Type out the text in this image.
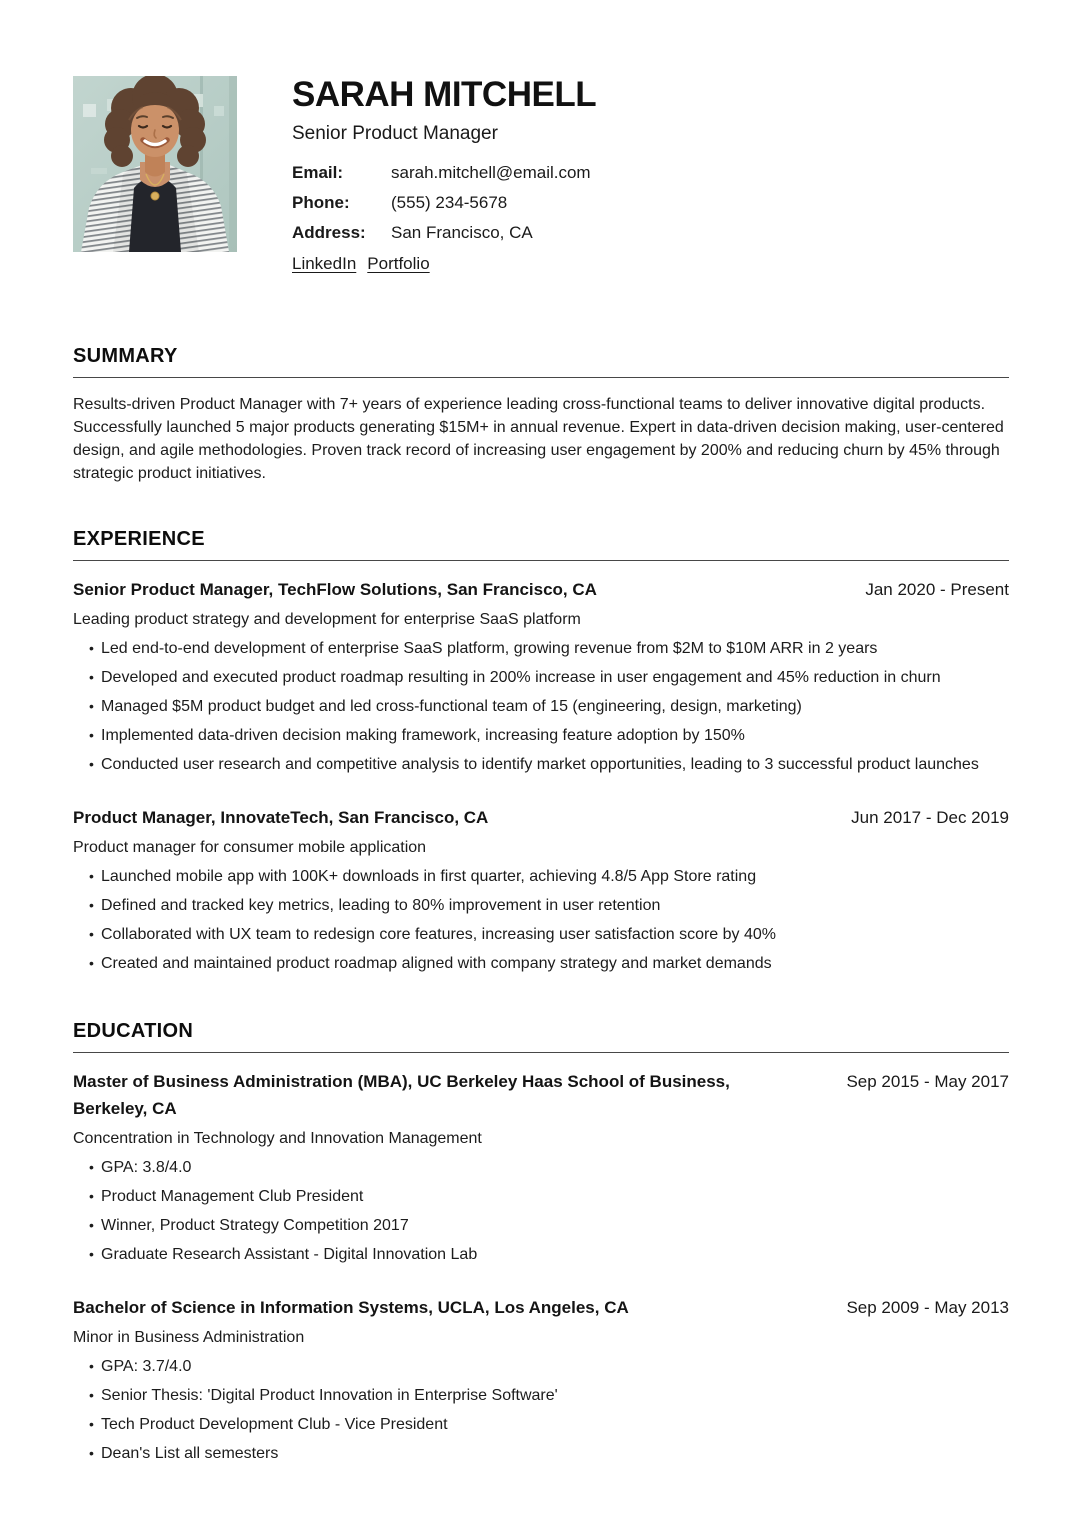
SARAH MITCHELL
Senior Product Manager
Email:	sarah.mitchell@email.com
Phone:	(555) 234-5678
Address:	San Francisco, CA
LinkedIn Portfolio
SUMMARY

Results-driven Product Manager with 7+ years of experience leading cross-functional teams to deliver innovative digital products. Successfully launched 5 major products generating $15M+ in annual revenue. Expert in data-driven decision making, user-centered design, and agile methodologies. Proven track record of increasing user engagement by 200% and reducing churn by 45% through strategic product initiatives.

EXPERIENCE
Senior Product Manager, TechFlow Solutions, San Francisco, CA	Jan 2020 - Present
Leading product strategy and development for enterprise SaaS platform
• Led end-to-end development of enterprise SaaS platform, growing revenue from $2M to $10M ARR in 2 years
• Developed and executed product roadmap resulting in 200% increase in user engagement and 45% reduction in churn
• Managed $5M product budget and led cross-functional team of 15 (engineering, design, marketing)
• Implemented data-driven decision making framework, increasing feature adoption by 150%
• Conducted user research and competitive analysis to identify market opportunities, leading to 3 successful product launches
Product Manager, InnovateTech, San Francisco, CA	Jun 2017 - Dec 2019
Product manager for consumer mobile application
• Launched mobile app with 100K+ downloads in first quarter, achieving 4.8/5 App Store rating
• Defined and tracked key metrics, leading to 80% improvement in user retention
• Collaborated with UX team to redesign core features, increasing user satisfaction score by 40%
• Created and maintained product roadmap aligned with company strategy and market demands
EDUCATION
Master of Business Administration (MBA), UC Berkeley Haas School of Business, Berkeley, CA
Sep 2015 - May 2017
Concentration in Technology and Innovation Management
• GPA: 3.8/4.0
• Product Management Club President
• Winner, Product Strategy Competition 2017
• Graduate Research Assistant - Digital Innovation Lab
Bachelor of Science in Information Systems, UCLA, Los Angeles, CA	Sep 2009 - May 2013
Minor in Business Administration
• GPA: 3.7/4.0
• Senior Thesis: 'Digital Product Innovation in Enterprise Software'
• Tech Product Development Club - Vice President
• Dean's List all semesters
